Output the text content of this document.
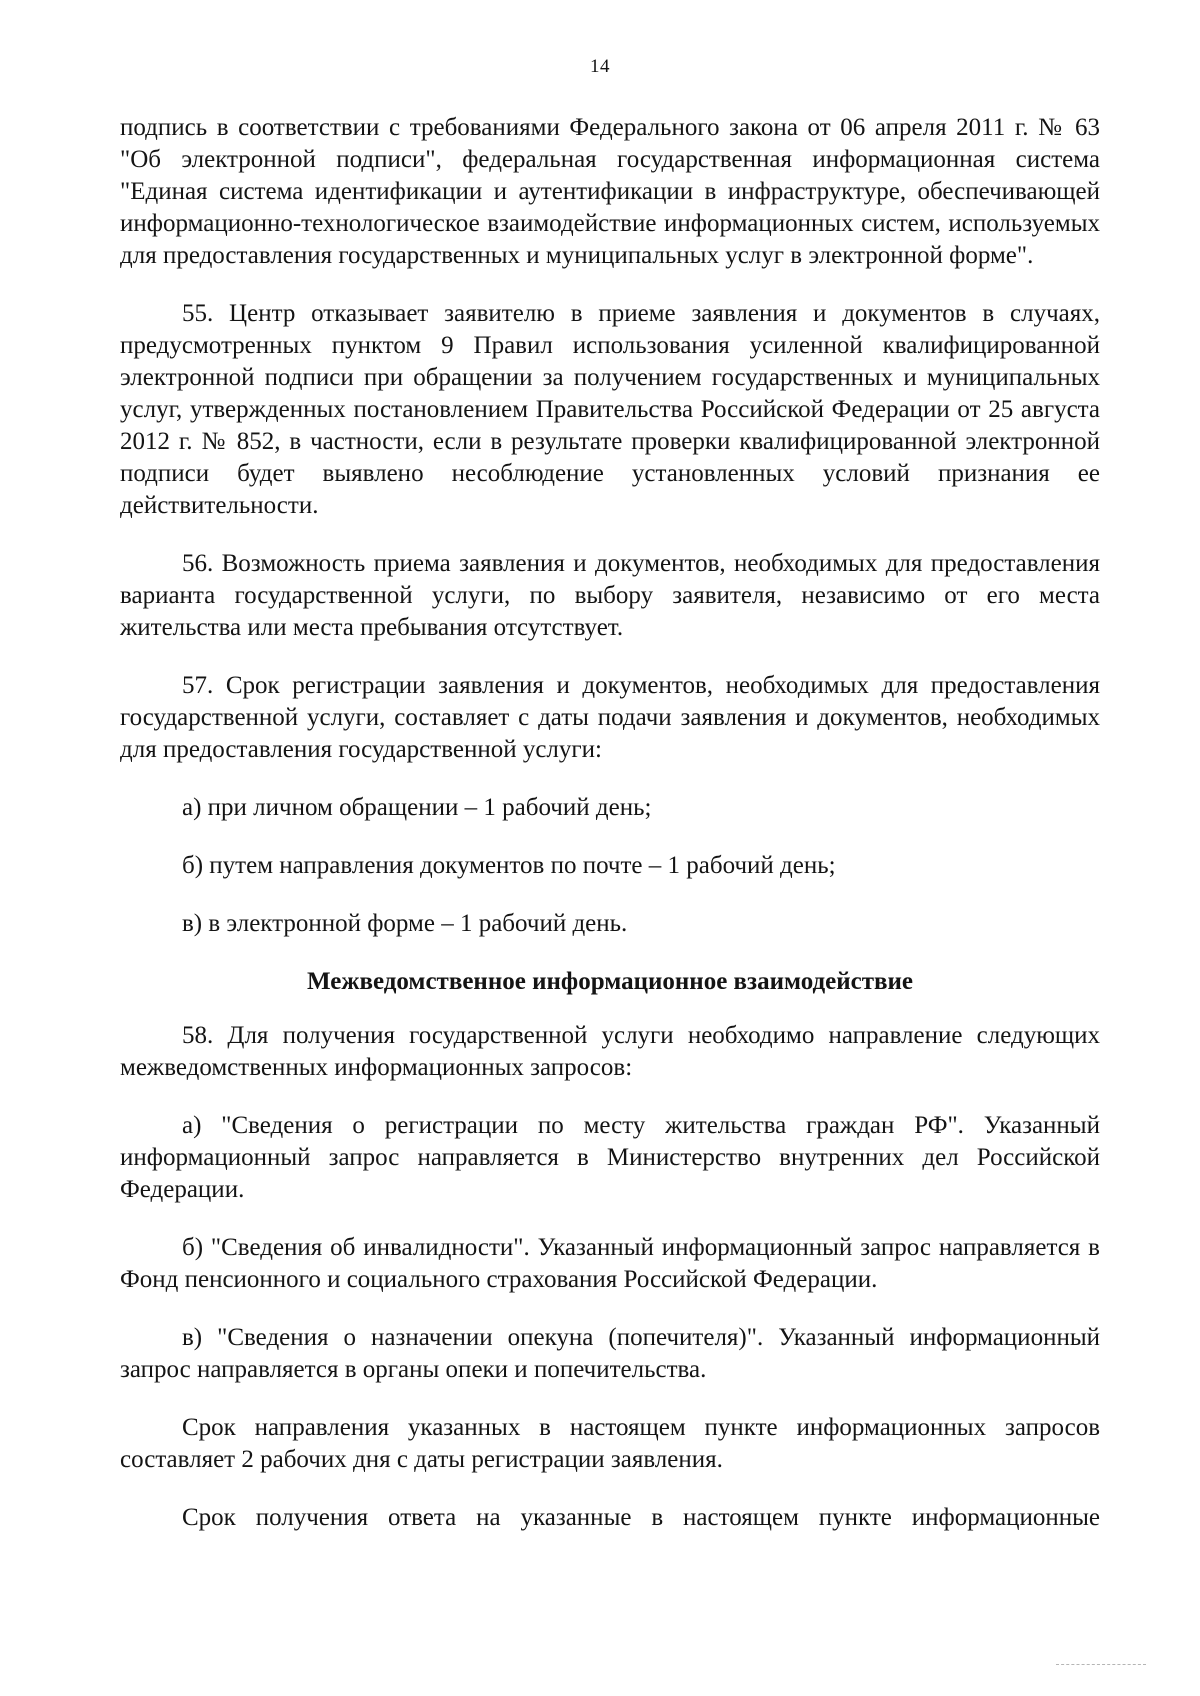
14

подпись в соответствии с требованиями Федерального закона от 06 апреля 2011 г. № 63 "Об электронной подписи", федеральная государственная информационная система "Единая система идентификации и аутентификации в инфраструктуре, обеспечивающей информационно-технологическое взаимодействие информационных систем, используемых для предоставления государственных и муниципальных услуг в электронной форме".

55. Центр отказывает заявителю в приеме заявления и документов в случаях, предусмотренных пунктом 9 Правил использования усиленной квалифицированной электронной подписи при обращении за получением государственных и муниципальных услуг, утвержденных постановлением Правительства Российской Федерации от 25 августа 2012 г. № 852, в частности, если в результате проверки квалифицированной электронной подписи будет выявлено несоблюдение установленных условий признания ее действительности.

56. Возможность приема заявления и документов, необходимых для предоставления варианта государственной услуги, по выбору заявителя, независимо от его места жительства или места пребывания отсутствует.

57. Срок регистрации заявления и документов, необходимых для предоставления государственной услуги, составляет с даты подачи заявления и документов, необходимых для предоставления государственной услуги:

а) при личном обращении – 1 рабочий день;

б) путем направления документов по почте – 1 рабочий день;

в) в электронной форме – 1 рабочий день.

Межведомственное информационное взаимодействие

58. Для получения государственной услуги необходимо направление следующих межведомственных информационных запросов:

а) "Сведения о регистрации по месту жительства граждан РФ". Указанный информационный запрос направляется в Министерство внутренних дел Российской Федерации.

б) "Сведения об инвалидности". Указанный информационный запрос направляется в Фонд пенсионного и социального страхования Российской Федерации.

в) "Сведения о назначении опекуна (попечителя)". Указанный информационный запрос направляется в органы опеки и попечительства.

Срок направления указанных в настоящем пункте информационных запросов составляет 2 рабочих дня с даты регистрации заявления.

Срок получения ответа на указанные в настоящем пункте информационные
